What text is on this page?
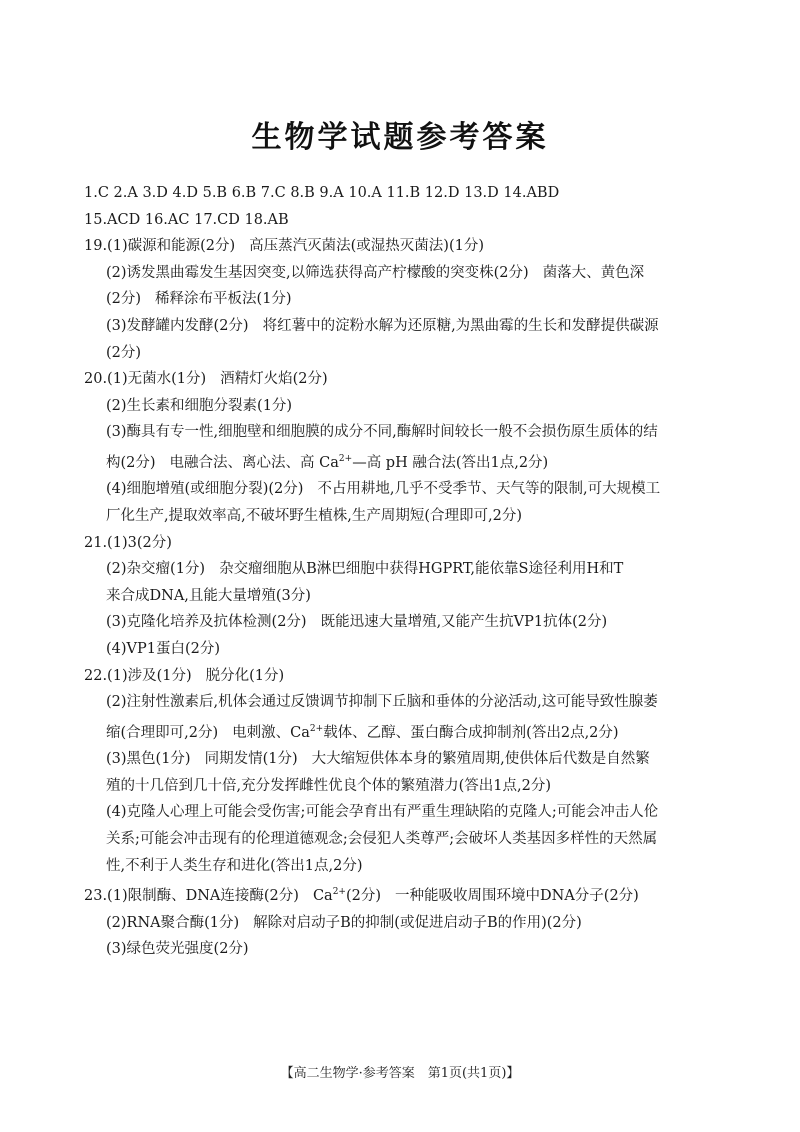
生物学试题参考答案
1.C 2.A 3.D 4.D 5.B 6.B 7.C 8.B 9.A 10.A 11.B 12.D 13.D 14.ABD
15.ACD 16.AC 17.CD 18.AB
19.(1)碳源和能源(2分) 高压蒸汽灭菌法(或湿热灭菌法)(1分)
(2)诱发黑曲霉发生基因突变,以筛选获得高产柠檬酸的突变株(2分) 菌落大、黄色深
(2分) 稀释涂布平板法(1分)
(3)发酵罐内发酵(2分) 将红薯中的淀粉水解为还原糖,为黑曲霉的生长和发酵提供碳源
(2分)
20.(1)无菌水(1分) 酒精灯火焰(2分)
(2)生长素和细胞分裂素(1分)
(3)酶具有专一性,细胞壁和细胞膜的成分不同,酶解时间较长一般不会损伤原生质体的结
构(2分) 电融合法、离心法、高 $Ca^{2+}—$高 pH 融合法(答出1点,2分)
(4)细胞增殖(或细胞分裂)(2分) 不占用耕地,几乎不受季节、天气等的限制,可大规模工
厂化生产,提取效率高,不破坏野生植株,生产周期短(合理即可,2分)
21.(1)3(2分)
(2)杂交瘤(1分) 杂交瘤细胞从B淋巴细胞中获得HGPRT,能依靠S途径利用H和T
来合成DNA,且能大量增殖(3分)
(3)克隆化培养及抗体检测(2分) 既能迅速大量增殖,又能产生抗VP1抗体(2分)
(4)VP1蛋白(2分)
22.(1)涉及(1分) 脱分化(1分)
(2)注射性激素后,机体会通过反馈调节抑制下丘脑和垂体的分泌活动,这可能导致性腺萎
缩(合理即可,2分) 电刺激、$Ca^{2+}$载体、乙醇、蛋白酶合成抑制剂(答出2点,2分)
(3)黑色(1分) 同期发情(1分) 大大缩短供体本身的繁殖周期,使供体后代数是自然繁
殖的十几倍到几十倍,充分发挥雌性优良个体的繁殖潜力(答出1点,2分)
(4)克隆人心理上可能会受伤害;可能会孕育出有严重生理缺陷的克隆人;可能会冲击人伦
关系;可能会冲击现有的伦理道德观念;会侵犯人类尊严;会破坏人类基因多样性的天然属
性,不利于人类生存和进化(答出1点,2分)
23.(1)限制酶、DNA连接酶(2分) $Ca^{2+}(2$分) 一种能吸收周围环境中DNA分子(2分)
(2)RNA聚合酶(1分) 解除对启动子B的抑制(或促进启动子B的作用)(2分)
(3)绿色荧光强度(2分)
【高二生物学·参考答案　第1页(共1页)】
